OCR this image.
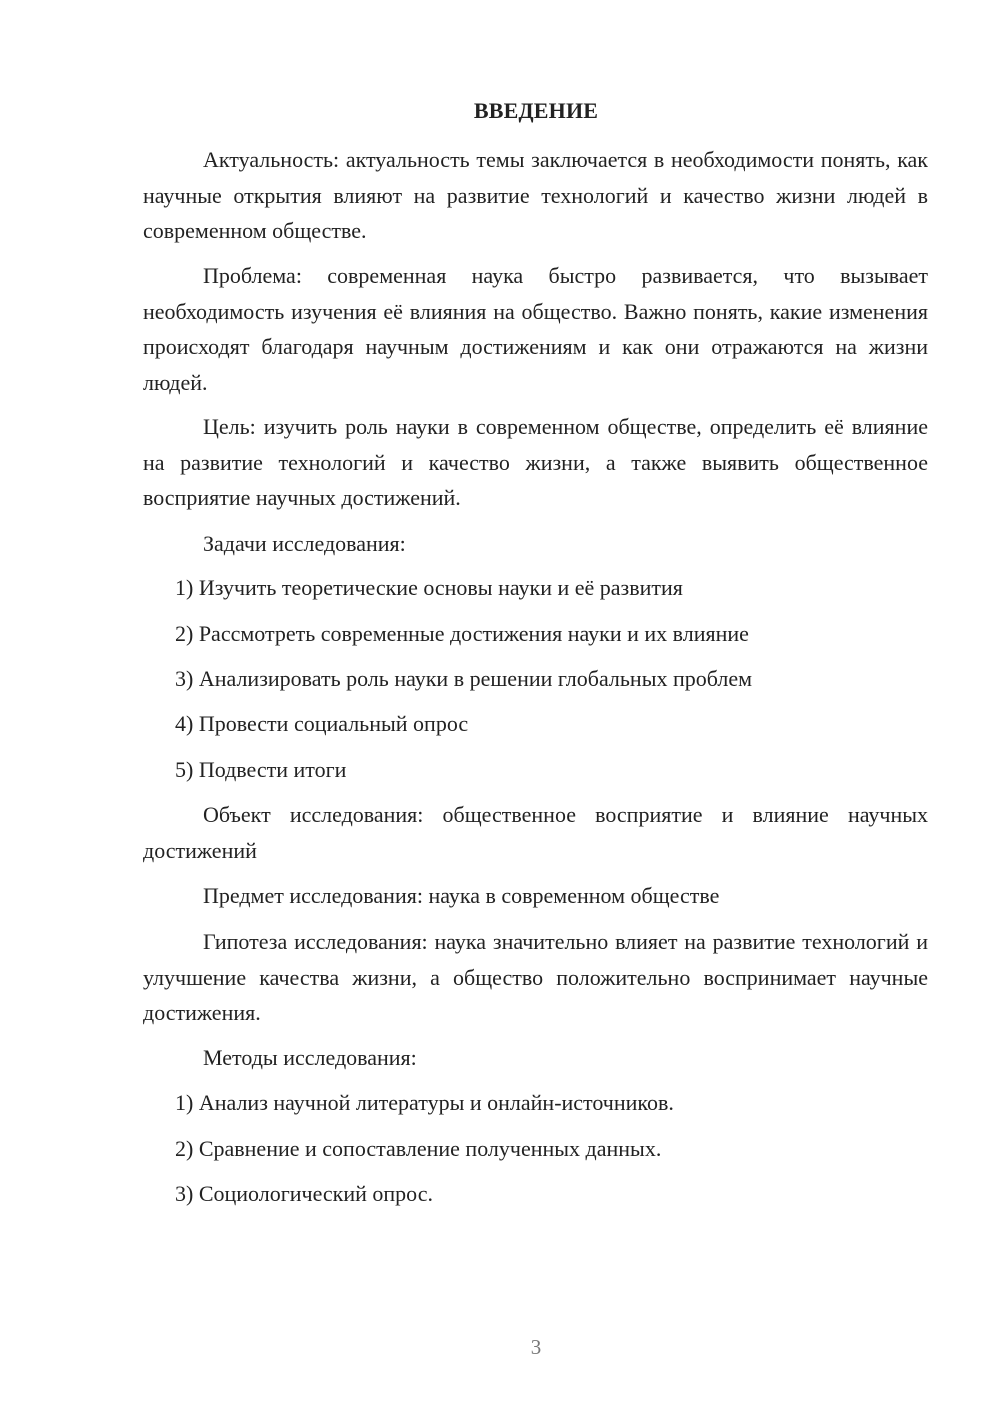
ВВЕДЕНИЕ

Актуальность: актуальность темы заключается в необходимости понять, как научные открытия влияют на развитие технологий и качество жизни людей в современном обществе.

Проблема: современная наука быстро развивается, что вызывает необходимость изучения её влияния на общество. Важно понять, какие изменения происходят благодаря научным достижениям и как они отражаются на жизни людей.

Цель: изучить роль науки в современном обществе, определить её влияние на развитие технологий и качество жизни, а также выявить общественное восприятие научных достижений.

Задачи исследования:
1) Изучить теоретические основы науки и её развития
2) Рассмотреть современные достижения науки и их влияние
3) Анализировать роль науки в решении глобальных проблем
4) Провести социальный опрос
5) Подвести итоги

Объект исследования: общественное восприятие и влияние научных достижений

Предмет исследования: наука в современном обществе

Гипотеза исследования: наука значительно влияет на развитие технологий и улучшение качества жизни, а общество положительно воспринимает научные достижения.

Методы исследования:
1) Анализ научной литературы и онлайн-источников.
2) Сравнение и сопоставление полученных данных.
3) Социологический опрос.
3
